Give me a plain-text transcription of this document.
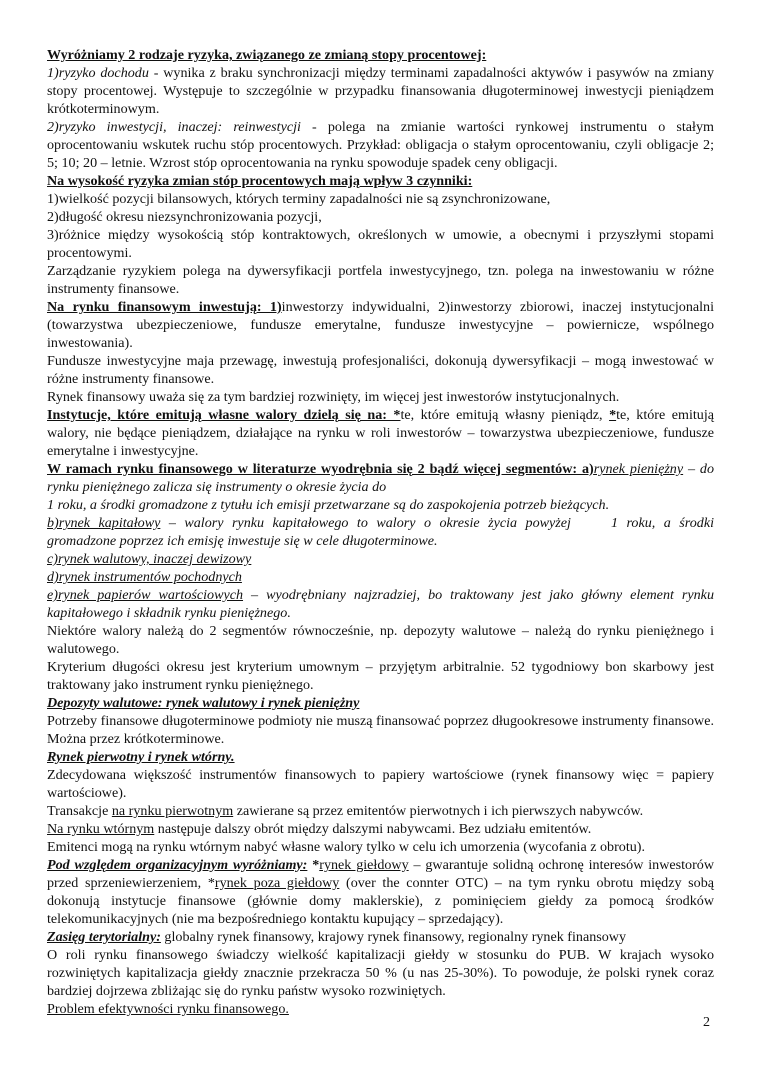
Wyróżniamy 2 rodzaje ryzyka, związanego ze zmianą stopy procentowej:

1)ryzyko dochodu - wynika z braku synchronizacji między terminami zapadalności aktywów i pasywów na zmiany stopy procentowej. Występuje to szczególnie w przypadku finansowania długoterminowej inwestycji pieniądzem krótkoterminowym.

2)ryzyko inwestycji, inaczej: reinwestycji - polega na zmianie wartości rynkowej instrumentu o stałym oprocentowaniu wskutek ruchu stóp procentowych. Przykład: obligacja o stałym oprocentowaniu, czyli obligacje 2; 5; 10; 20 – letnie. Wzrost stóp oprocentowania na rynku spowoduje spadek ceny obligacji.

Na wysokość ryzyka zmian stóp procentowych mają wpływ 3 czynniki:

1)wielkość pozycji bilansowych, których terminy zapadalności nie są zsynchronizowane,

2)długość okresu niezsynchronizowania pozycji,

3)różnice między wysokością stóp kontraktowych, określonych w umowie, a obecnymi i przyszłymi stopami procentowymi.

Zarządzanie ryzykiem polega na dywersyfikacji portfela inwestycyjnego, tzn. polega na inwestowaniu w różne instrumenty finansowe.

Na rynku finansowym inwestują: 1)inwestorzy indywidualni, 2)inwestorzy zbiorowi, inaczej instytucjonalni (towarzystwa ubezpieczeniowe, fundusze emerytalne, fundusze inwestycyjne – powiernicze, wspólnego inwestowania).

Fundusze inwestycyjne maja przewagę, inwestują profesjonaliści, dokonują dywersyfikacji – mogą inwestować w różne instrumenty finansowe.

Rynek finansowy uważa się za tym bardziej rozwinięty, im więcej jest inwestorów instytucjonalnych.

Instytucje, które emitują własne walory dzielą się na: *te, które emitują własny pieniądz, *te, które emitują walory, nie będące pieniądzem, działające na rynku w roli inwestorów – towarzystwa ubezpieczeniowe, fundusze emerytalne i inwestycyjne.

W ramach rynku finansowego w literaturze wyodrębnia się 2 bądź więcej segmentów: a)rynek pieniężny – do rynku pieniężnego zalicza się instrumenty o okresie życia do

1 roku, a środki gromadzone z tytułu ich emisji przetwarzane są do zaspokojenia potrzeb bieżących.

b)rynek kapitałowy – walory rynku kapitałowego to walory o okresie życia powyżej	1 roku, a środki gromadzone poprzez ich emisję inwestuje się w cele długoterminowe.

c)rynek walutowy, inaczej dewizowy

d)rynek instrumentów pochodnych

e)rynek papierów wartościowych – wyodrębniany najzradziej, bo traktowany jest jako główny element rynku kapitałowego i składnik rynku pieniężnego.

Niektóre walory należą do 2 segmentów równocześnie, np. depozyty walutowe – należą do rynku pieniężnego i walutowego.

Kryterium długości okresu jest kryterium umownym – przyjętym arbitralnie. 52 tygodniowy bon skarbowy jest traktowany jako instrument rynku pieniężnego.

Depozyty walutowe: rynek walutowy i rynek pieniężny

Potrzeby finansowe długoterminowe podmioty nie muszą finansować poprzez długookresowe instrumenty finansowe. Można przez krótkoterminowe.

Rynek pierwotny i rynek wtórny.

Zdecydowana większość instrumentów finansowych to papiery wartościowe (rynek finansowy więc = papiery wartościowe).

Transakcje na rynku pierwotnym zawierane są przez emitentów pierwotnych i ich pierwszych nabywców.

Na rynku wtórnym następuje dalszy obrót między dalszymi nabywcami. Bez udziału emitentów.

Emitenci mogą na rynku wtórnym nabyć własne walory tylko w celu ich umorzenia (wycofania z obrotu).

Pod względem organizacyjnym wyróżniamy: *rynek giełdowy – gwarantuje solidną ochronę interesów inwestorów przed sprzeniewierzeniem, *rynek poza giełdowy (over the connter OTC) – na tym rynku obrotu między sobą dokonują instytucje finansowe (głównie domy maklerskie), z pominięciem giełdy za pomocą środków telekomunikacyjnych (nie ma bezpośredniego kontaktu kupujący – sprzedający).

Zasięg terytorialny: globalny rynek finansowy, krajowy rynek finansowy, regionalny rynek finansowy

O roli rynku finansowego świadczy wielkość kapitalizacji giełdy w stosunku do PUB. W krajach wysoko rozwiniętych kapitalizacja giełdy znacznie przekracza 50 % (u nas 25-30%). To powoduje, że polski rynek coraz bardziej dojrzewa zbliżając się do rynku państw wysoko rozwiniętych.

Problem efektywności rynku finansowego.

2
